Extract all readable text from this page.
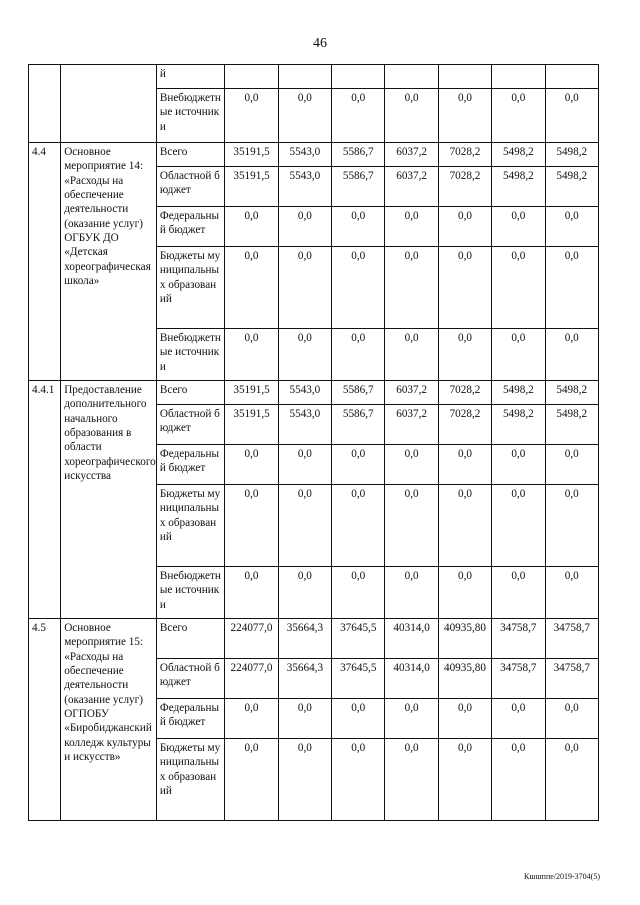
46
		й							
		Внебюджетные источники	0,0	0,0	0,0	0,0	0,0	0,0	0,0
4.4	Основное мероприятие 14: «Расходы на обеспечение деятельности (оказание услуг) ОГБУК ДО «Детская хореографическая школа»	Всего	35191,5	5543,0	5586,7	6037,2	7028,2	5498,2	5498,2
		Областной бюджет	35191,5	5543,0	5586,7	6037,2	7028,2	5498,2	5498,2
		Федеральный бюджет	0,0	0,0	0,0	0,0	0,0	0,0	0,0
		Бюджеты муниципальных образований	0,0	0,0	0,0	0,0	0,0	0,0	0,0
		Внебюджетные источники	0,0	0,0	0,0	0,0	0,0	0,0	0,0
4.4.1	Предоставление дополнительного начального образования в области хореографического искусства	Всего	35191,5	5543,0	5586,7	6037,2	7028,2	5498,2	5498,2
		Областной бюджет	35191,5	5543,0	5586,7	6037,2	7028,2	5498,2	5498,2
		Федеральный бюджет	0,0	0,0	0,0	0,0	0,0	0,0	0,0
		Бюджеты муниципальных образований	0,0	0,0	0,0	0,0	0,0	0,0	0,0
		Внебюджетные источники	0,0	0,0	0,0	0,0	0,0	0,0	0,0
4.5	Основное мероприятие 15: «Расходы на обеспечение деятельности (оказание услуг) ОГПОБУ «Биробиджанский колледж культуры и искусств»	Всего	224077,0	35664,3	37645,5	40314,0	40935,80	34758,7	34758,7
		Областной бюджет	224077,0	35664,3	37645,5	40314,0	40935,80	34758,7	34758,7
		Федеральный бюджет	0,0	0,0	0,0	0,0	0,0	0,0	0,0
		Бюджеты муниципальных образований	0,0	0,0	0,0	0,0	0,0	0,0	0,0
Кшшппе/2019-3704(5)
